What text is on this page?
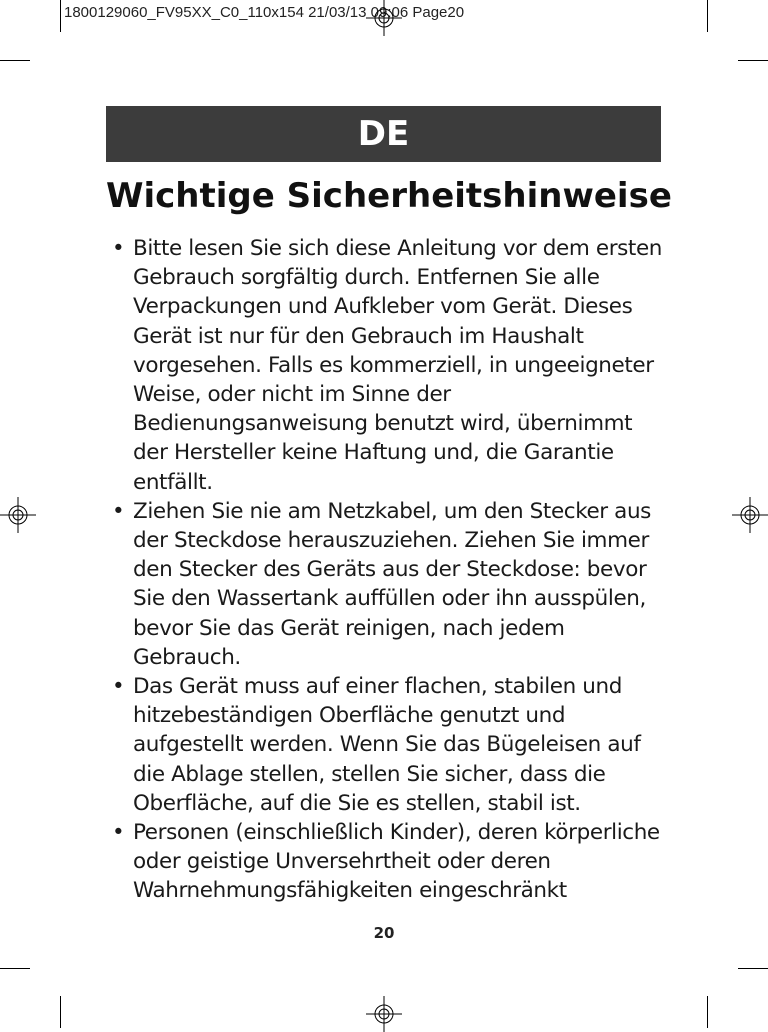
1800129060_FV95XX_C0_110x154 21/03/13 09:06 Page20
DE
Wichtige Sicherheitshinweise
• Bitte lesen Sie sich diese Anleitung vor dem ersten Gebrauch sorgfältig durch. Entfernen Sie alle Verpackungen und Aufkleber vom Gerät. Dieses Gerät ist nur für den Gebrauch im Haushalt vorgesehen. Falls es kommerziell, in ungeeigneter Weise, oder nicht im Sinne der Bedienungsanweisung benutzt wird, übernimmt der Hersteller keine Haftung und, die Garantie entfällt.
• Ziehen Sie nie am Netzkabel, um den Stecker aus der Steckdose herauszuziehen. Ziehen Sie immer den Stecker des Geräts aus der Steckdose: bevor Sie den Wassertank auffüllen oder ihn ausspülen, bevor Sie das Gerät reinigen, nach jedem Gebrauch.
• Das Gerät muss auf einer flachen, stabilen und hitzebeständigen Oberfläche genutzt und aufgestellt werden. Wenn Sie das Bügeleisen auf die Ablage stellen, stellen Sie sicher, dass die Oberfläche, auf die Sie es stellen, stabil ist.
• Personen (einschließlich Kinder), deren körperliche oder geistige Unversehrtheit oder deren Wahrnehmungsfähigkeiten eingeschränkt
20
